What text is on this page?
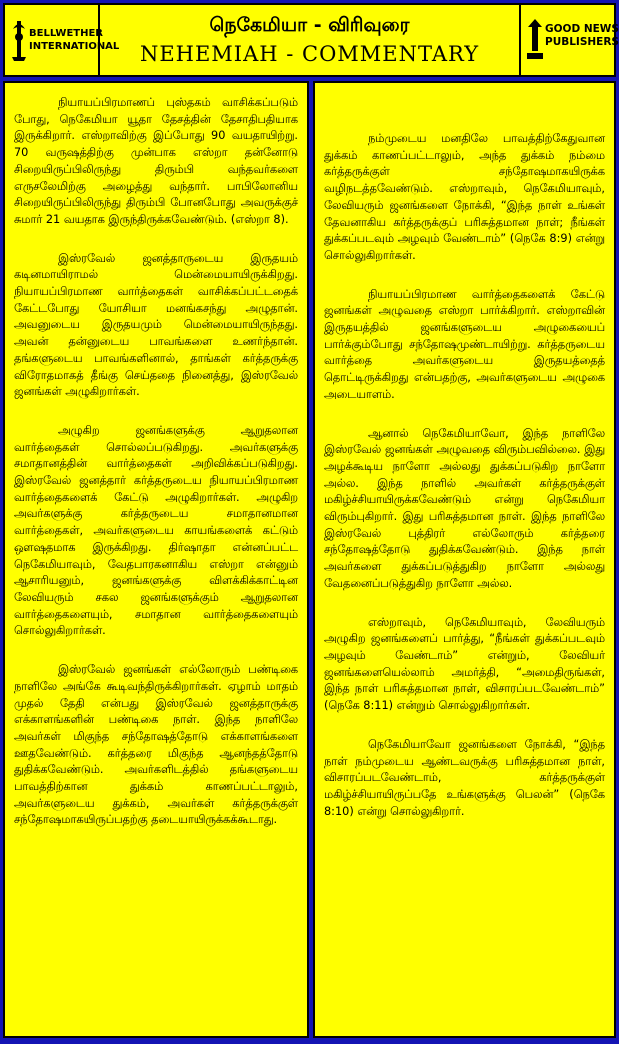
BELLWETHER
INTERNATIONAL
நெகேமியா - விரிவுரை
NEHEMIAH - COMMENTARY
GOOD NEWS
PUBLISHERS

நியாயப்பிரமாணப் புஸ்தகம் வாசிக்கப்படும் போது, நெகேமியா யூதா தேசத்தின் தேசாதிபதியாக இருக்கிறார். எஸ்றாவிற்கு இப்போது 90 வயதாயிற்று. 70 வருஷத்திற்கு முன்பாக எஸ்றா தன்னோடு சிறையிருப்பிலிருந்து திரும்பி வந்தவர்களை எருசலேமிற்கு அழைத்து வந்தார். பாபிலோனிய சிறையிருப்பிலிருந்து திரும்பி போனபோது அவருக்குச் சுமார் 21 வயதாக இருந்திருக்கவேண்டும். (எஸ்றா 8).

இஸ்ரவேல் ஜனத்தாருடைய இருதயம் கடினமாயிராமல் மென்மையாயிருக்கிறது. நியாயப்பிரமாண வார்த்தைகள் வாசிக்கப்பட்டதைக் கேட்டபோது யோசியா மனங்கசந்து அழுதான். அவனுடைய இருதயமும் மென்மையாயிருந்தது. அவன் தன்னுடைய பாவங்களை உணர்ந்தான். தங்களுடைய பாவங்களினால், தாங்கள் கர்த்தருக்கு விரோதமாகத் தீங்கு செய்ததை நினைத்து, இஸ்ரவேல் ஜனங்கள் அழுகிறார்கள்.

அழுகிற ஜனங்களுக்கு ஆறுதலான வார்த்தைகள் சொல்லப்படுகிறது. அவர்களுக்கு சமாதானத்தின் வார்த்தைகள் அறிவிக்கப்படுகிறது. இஸ்ரவேல் ஜனத்தார் கர்த்தருடைய நியாயப்பிரமாண வார்த்தைகளைக் கேட்டு அழுகிறார்கள். அழுகிற அவர்களுக்கு கர்த்தருடைய சமாதானமான வார்த்தைகள், அவர்களுடைய காயங்களைக் கட்டும் ஔஷதமாக இருக்கிறது. திர்ஷாதா என்னப்பட்ட நெகேமியாவும், வேதபாரகனாகிய எஸ்றா என்னும் ஆசாரியனும், ஜனங்களுக்கு விளக்கிக்காட்டின லேவியரும் சகல ஜனங்களுக்கும் ஆறுதலான வார்த்தைகளையும், சமாதான வார்த்தைகளையும் சொல்லுகிறார்கள்.

இஸ்ரவேல் ஜனங்கள் எல்லோரும் பண்டிகை நாளிலே அங்கே கூடிவந்திருக்கிறார்கள். ஏழாம் மாதம் முதல் தேதி என்பது இஸ்ரவேல் ஜனத்தாருக்கு எக்காளங்களின் பண்டிகை நாள். இந்த நாளிலே அவர்கள் மிகுந்த சந்தோஷத்தோடு எக்காளங்களை ஊதவேண்டும். கர்த்தரை மிகுந்த ஆனந்தத்தோடு துதிக்கவேண்டும். அவர்களிடத்தில் தங்களுடைய பாவத்திற்கான துக்கம் காணப்பட்டாலும், அவர்களுடைய துக்கம், அவர்கள் கர்த்தருக்குள் சந்தோஷமாகயிருப்பதற்கு தடையாயிருக்கக்கூடாது.

நம்முடைய மனதிலே பாவத்திற்கேதுவான துக்கம் காணப்பட்டாலும், அந்த துக்கம் நம்மை கர்த்தருக்குள் சந்தோஷமாகயிருக்க வழிநடத்தவேண்டும். எஸ்றாவும், நெகேமியாவும், லேவியரும் ஜனங்களை நோக்கி, “இந்த நாள் உங்கள் தேவனாகிய கர்த்தருக்குப் பரிசுத்தமான நாள்; நீங்கள் துக்கப்படவும் அழவும் வேண்டாம்” (நெகே 8:9) என்று சொல்லுகிறார்கள்.

நியாயப்பிரமாண வார்த்தைகளைக் கேட்டு ஜனங்கள் அழுவதை எஸ்றா பார்க்கிறார். எஸ்றாவின் இருதயத்தில் ஜனங்களுடைய அழுகையைப் பார்க்கும்போது சந்தோஷமுண்டாயிற்று. கர்த்தருடைய வார்த்தை அவர்களுடைய இருதயத்தைத் தொட்டிருக்கிறது என்பதற்கு, அவர்களுடைய அழுகை அடையாளம்.

ஆனால் நெகேமியாவோ, இந்த நாளிலே இஸ்ரவேல் ஜனங்கள் அழுவதை விரும்பவில்லை. இது அழக்கூடிய நாளோ அல்லது துக்கப்படுகிற நாளோ அல்ல. இந்த நாளில் அவர்கள் கர்த்தருக்குள் மகிழ்ச்சியாயிருக்கவேண்டும் என்று நெகேமியா விரும்புகிறார். இது பரிசுத்தமான நாள். இந்த நாளிலே இஸ்ரவேல் புத்திரர் எல்லோரும் கர்த்தரை சந்தோஷத்தோடு துதிக்கவேண்டும். இந்த நாள் அவர்களை துக்கப்படுத்துகிற நாளோ அல்லது வேதனைப்படுத்துகிற நாளோ அல்ல.

எஸ்றாவும், நெகேமியாவும், லேவியரும் அழுகிற ஜனங்களைப் பார்த்து, “நீங்கள் துக்கப்படவும் அழவும் வேண்டாம்” என்றும், லேவியர் ஜனங்களையெல்லாம் அமர்த்தி, “அமைதிருங்கள், இந்த நாள் பரிசுத்தமான நாள், விசாரப்படவேண்டாம்” (நெகே 8:11) என்றும் சொல்லுகிறார்கள்.

நெகேமியாவோ ஜனங்களை நோக்கி, “இந்த நாள் நம்முடைய ஆண்டவருக்கு பரிசுத்தமான நாள், விசாரப்படவேண்டாம், கர்த்தருக்குள் மகிழ்ச்சியாயிருப்பதே உங்களுக்கு பெலன்” (நெகே 8:10) என்று சொல்லுகிறார்.
